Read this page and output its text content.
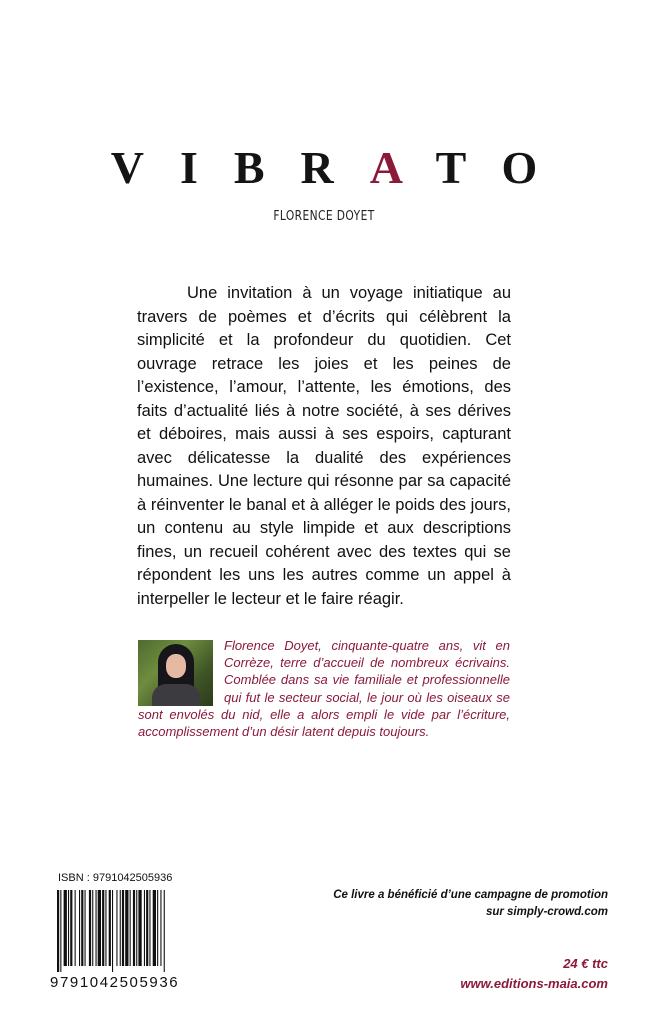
VIBRATO
FLORENCE DOYET

Une invitation à un voyage initiatique au travers de poèmes et d’écrits qui célèbrent la simplicité et la profondeur du quotidien. Cet ouvrage retrace les joies et les peines de l’existence, l’amour, l’attente, les émotions, des faits d’actualité liés à notre société, à ses dérives et déboires, mais aussi à ses espoirs, capturant avec délicatesse la dualité des expériences humaines. Une lecture qui résonne par sa capacité à réinventer le banal et à alléger le poids des jours, un contenu au style limpide et aux descriptions fines, un recueil cohérent avec des textes qui se répondent les uns les autres comme un appel à interpeller le lecteur et le faire réagir.

Florence Doyet, cinquante-quatre ans, vit en Corrèze, terre d’accueil de nombreux écrivains. Comblée dans sa vie familiale et professionnelle qui fut le secteur social, le jour où les oiseaux se sont envolés du nid, elle a alors empli le vide par l’écriture, accomplissement d’un désir latent depuis toujours.

ISBN : 9791042505936
9791042505936
Ce livre a bénéficié d’une campagne de promotion
sur simply-crowd.com
24 € ttc
www.editions-maia.com
